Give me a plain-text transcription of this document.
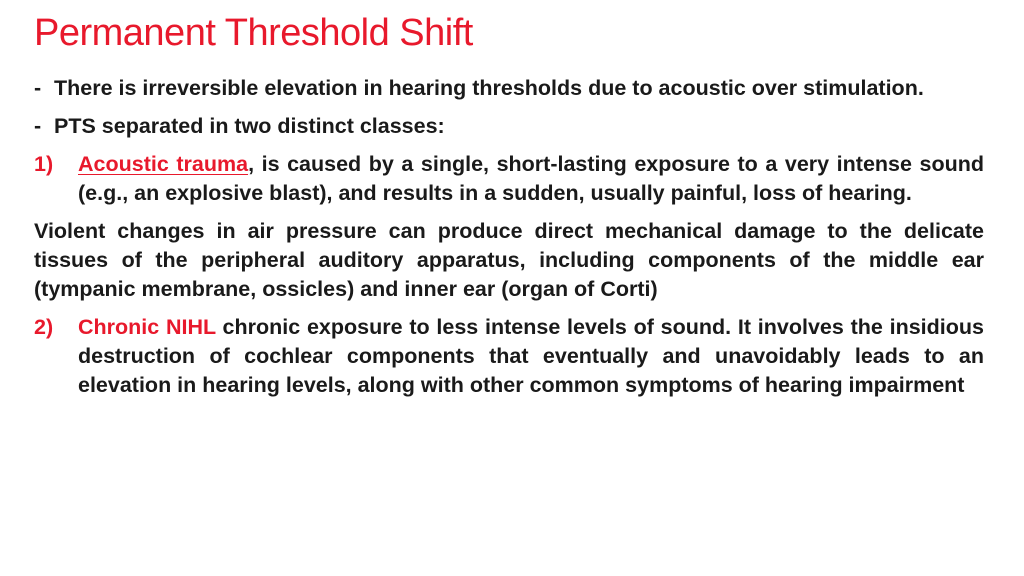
Permanent Threshold Shift
- There is irreversible elevation in hearing thresholds due to acoustic over stimulation.
- PTS separated in two distinct classes:
1)	Acoustic trauma, is caused by a single, short-lasting exposure to a very intense sound (e.g., an explosive blast), and results in a sudden, usually painful, loss of hearing.
Violent changes in air pressure can produce direct mechanical damage to the delicate tissues of the peripheral auditory apparatus, including components of the middle ear (tympanic membrane, ossicles) and inner ear (organ of Corti)
2)	Chronic NIHL chronic exposure to less intense levels of sound. It involves the insidious destruction of cochlear components that eventually and unavoidably leads to an elevation in hearing levels, along with other common symptoms of hearing impairment
